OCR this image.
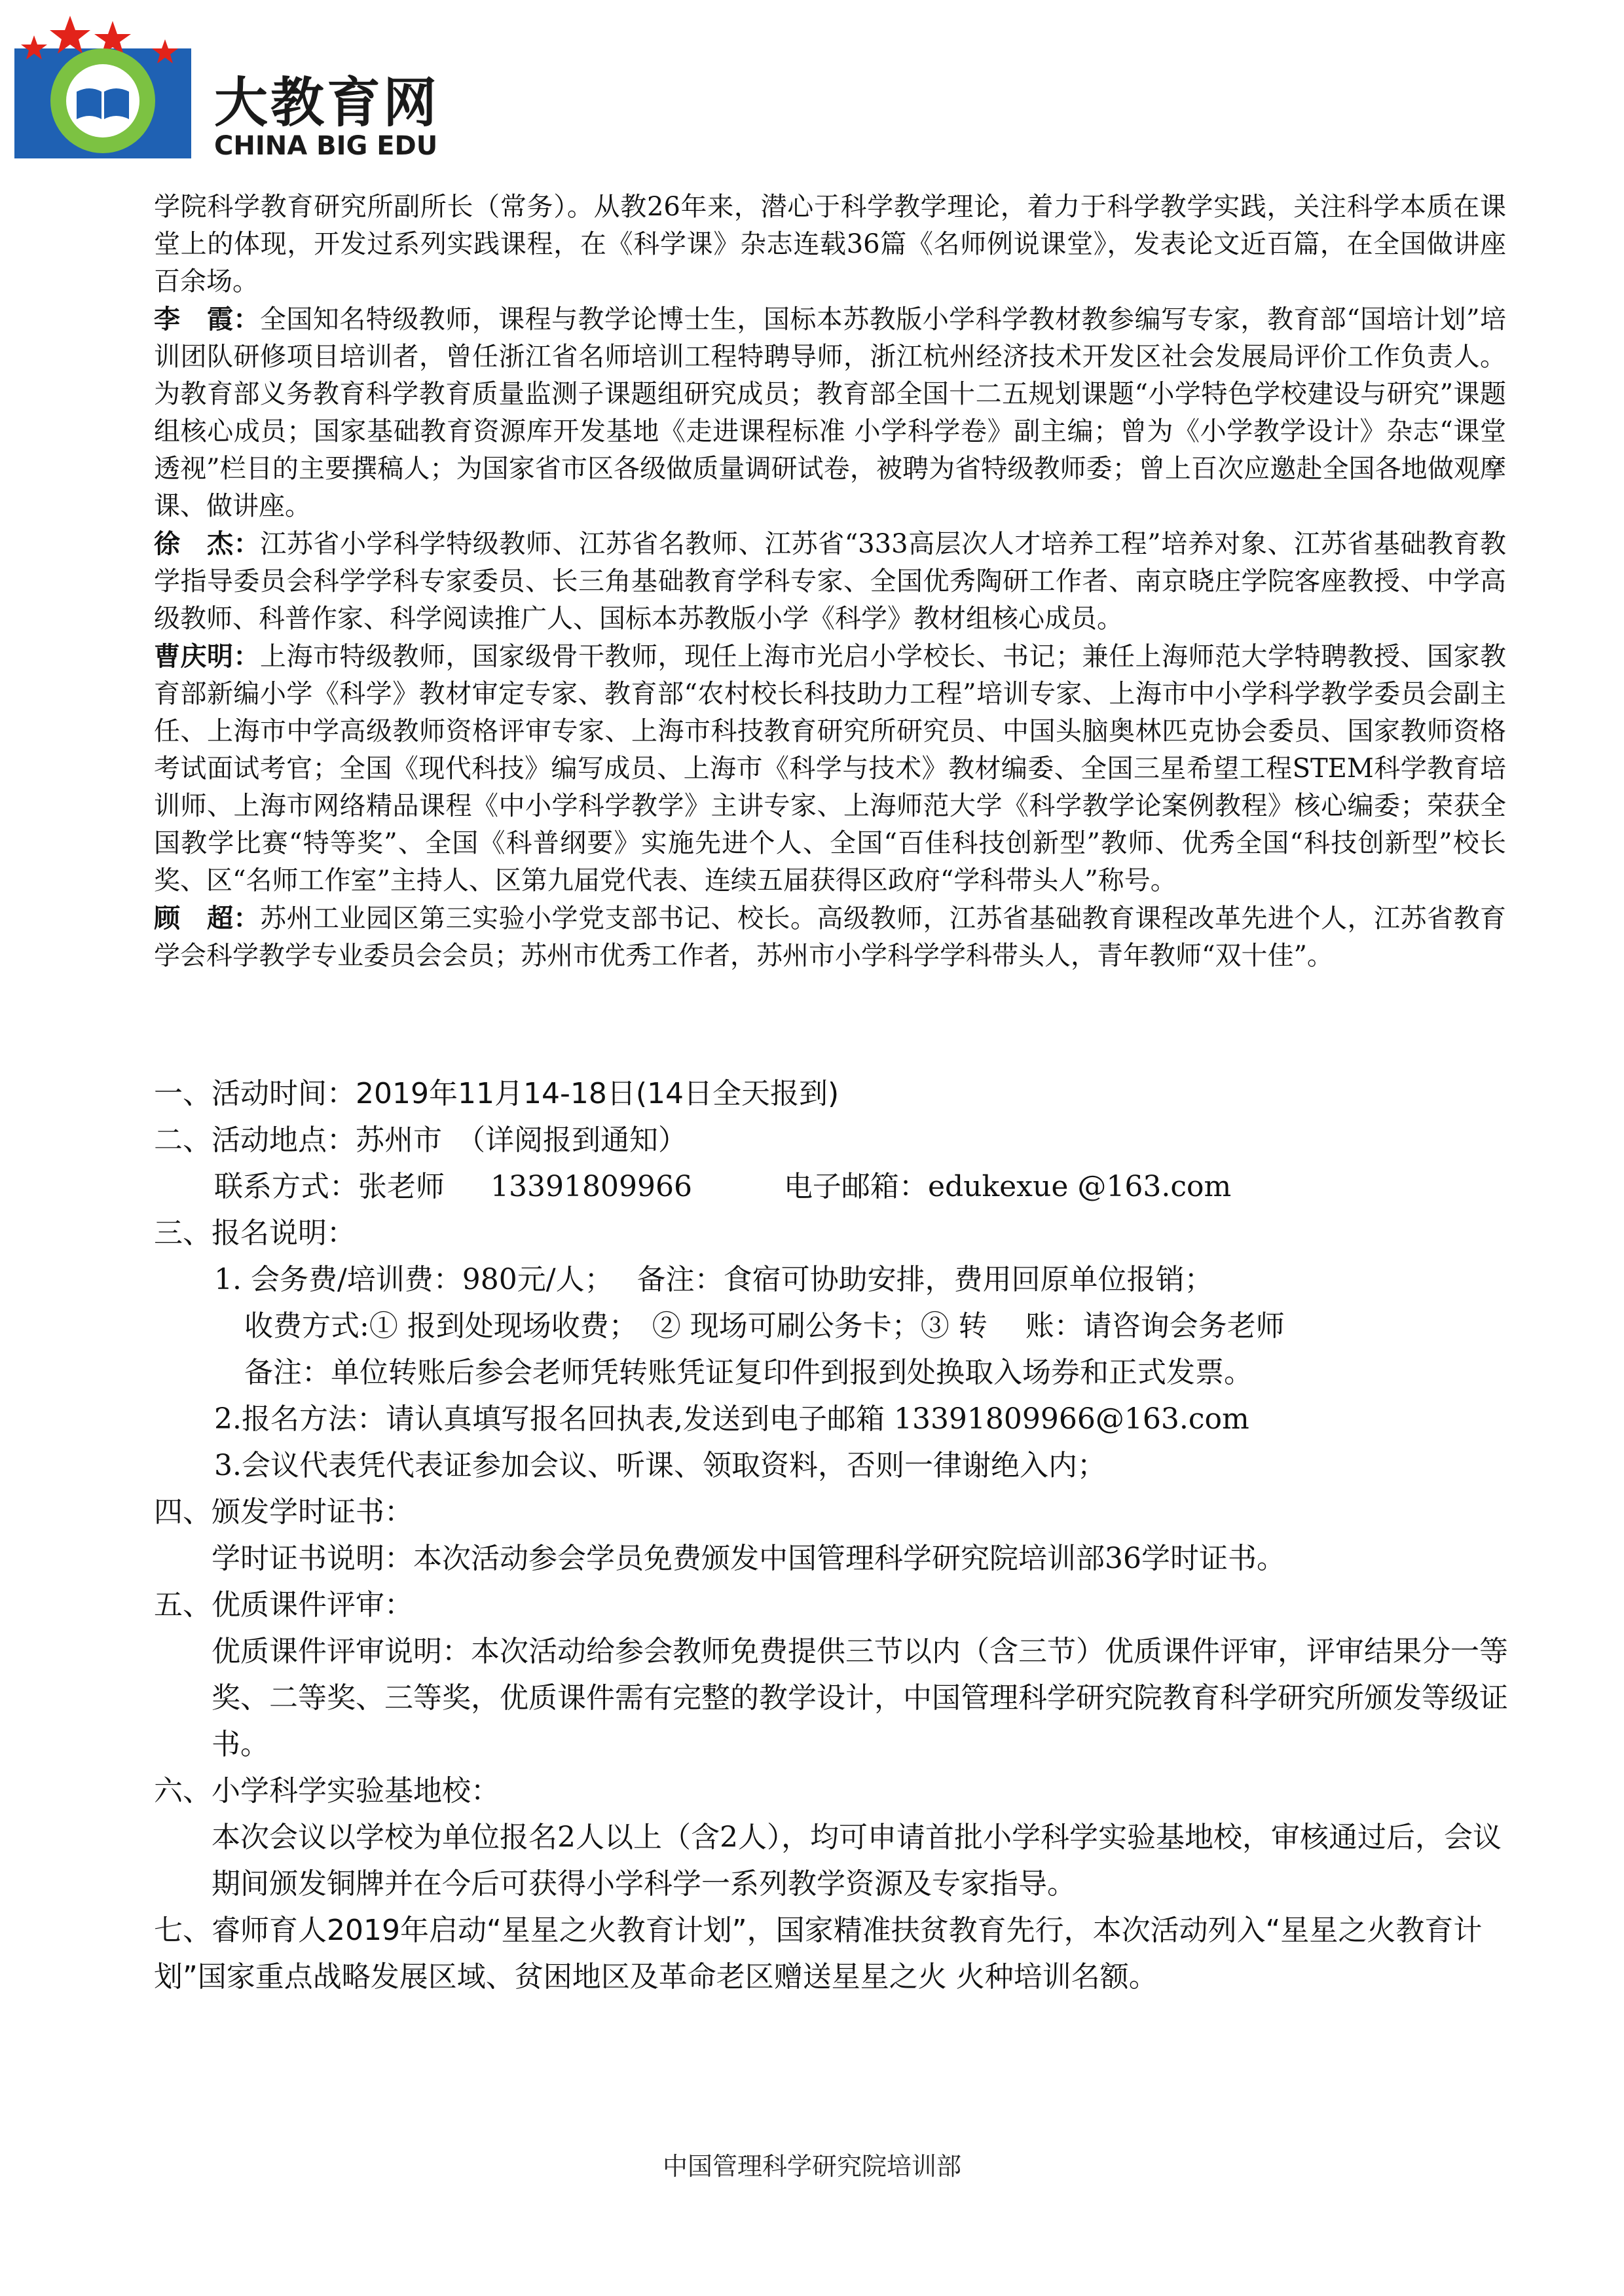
大教育网
CHINA BIG EDU

学院科学教育研究所副所长（常务）。从教26年来，潜心于科学教学理论，着力于科学教学实践，关注科学本质在课堂上的体现，开发过系列实践课程，在《科学课》杂志连载36篇《名师例说课堂》，发表论文近百篇，在全国做讲座百余场。

李　霞：全国知名特级教师，课程与教学论博士生，国标本苏教版小学科学教材教参编写专家，教育部“国培计划”培训团队研修项目培训者，曾任浙江省名师培训工程特聘导师，浙江杭州经济技术开发区社会发展局评价工作负责人。为教育部义务教育科学教育质量监测子课题组研究成员；教育部全国十二五规划课题“小学特色学校建设与研究”课题组核心成员；国家基础教育资源库开发基地《走进课程标准 小学科学卷》副主编；曾为《小学教学设计》杂志“课堂透视”栏目的主要撰稿人；为国家省市区各级做质量调研试卷，被聘为省特级教师委；曾上百次应邀赴全国各地做观摩课、做讲座。

徐　杰：江苏省小学科学特级教师、江苏省名教师、江苏省“333高层次人才培养工程”培养对象、江苏省基础教育教学指导委员会科学学科专家委员、长三角基础教育学科专家、全国优秀陶研工作者、南京晓庄学院客座教授、中学高级教师、科普作家、科学阅读推广人、国标本苏教版小学《科学》教材组核心成员。

曹庆明：上海市特级教师，国家级骨干教师，现任上海市光启小学校长、书记；兼任上海师范大学特聘教授、国家教育部新编小学《科学》教材审定专家、教育部“农村校长科技助力工程”培训专家、上海市中小学科学教学委员会副主任、上海市中学高级教师资格评审专家、上海市科技教育研究所研究员、中国头脑奥林匹克协会委员、国家教师资格考试面试考官；全国《现代科技》编写成员、上海市《科学与技术》教材编委、全国三星希望工程STEM科学教育培训师、上海市网络精品课程《中小学科学教学》主讲专家、上海师范大学《科学教学论案例教程》核心编委；荣获全国教学比赛“特等奖”、全国《科普纲要》实施先进个人、全国“百佳科技创新型”教师、优秀全国“科技创新型”校长奖、区“名师工作室”主持人、区第九届党代表、连续五届获得区政府“学科带头人”称号。

顾　超：苏州工业园区第三实验小学党支部书记、校长。高级教师，江苏省基础教育课程改革先进个人，江苏省教育学会科学教学专业委员会会员；苏州市优秀工作者，苏州市小学科学学科带头人，青年教师“双十佳”。

一、活动时间：2019年11月14-18日(14日全天报到)

二、活动地点：苏州市　（详阅报到通知）

联系方式：张老师 13391809966	电子邮箱：edukexue @163.com

三、报名说明：

1. 会务费/培训费：980元/人；　 备注：食宿可协助安排，费用回原单位报销；

收费方式:① 报到处现场收费；　② 现场可刷公务卡；③ 转　 账：请咨询会务老师

备注：单位转账后参会老师凭转账凭证复印件到报到处换取入场券和正式发票。

2.报名方法：请认真填写报名回执表,发送到电子邮箱 13391809966@163.com

3.会议代表凭代表证参加会议、听课、领取资料，否则一律谢绝入内；

四、颁发学时证书：

学时证书说明：本次活动参会学员免费颁发中国管理科学研究院培训部36学时证书。

五、优质课件评审：

优质课件评审说明：本次活动给参会教师免费提供三节以内（含三节）优质课件评审，评审结果分一等奖、二等奖、三等奖，优质课件需有完整的教学设计，中国管理科学研究院教育科学研究所颁发等级证书。

六、小学科学实验基地校：

本次会议以学校为单位报名2人以上（含2人），均可申请首批小学科学实验基地校，审核通过后，会议期间颁发铜牌并在今后可获得小学科学一系列教学资源及专家指导。

七、睿师育人2019年启动“星星之火教育计划”，国家精准扶贫教育先行，本次活动列入“星星之火教育计划”国家重点战略发展区域、贫困地区及革命老区赠送星星之火 火种培训名额。

中国管理科学研究院培训部
